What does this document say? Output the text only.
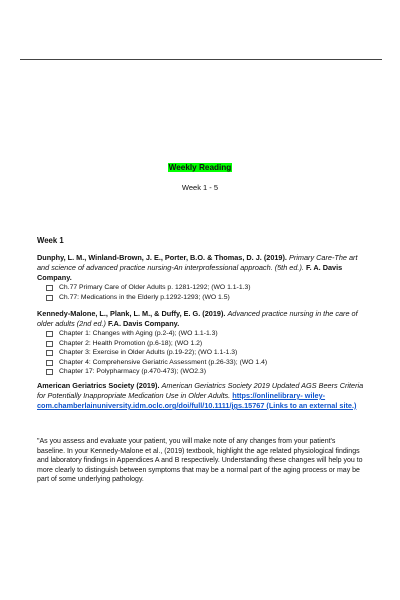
Weekly Reading
Week 1 - 5
Week 1
Dunphy, L. M., Winland-Brown, J. E., Porter, B.O. & Thomas, D. J. (2019). Primary Care-The art and science of advanced practice nursing-An interprofessional approach. (5th ed.). F. A. Davis Company.
Ch.77 Primary Care of Older Adults p. 1281-1292; (WO 1.1-1.3)
Ch.77: Medications in the Elderly p.1292-1293; (WO 1.5)
Kennedy-Malone, L., Plank, L. M., & Duffy, E. G. (2019). Advanced practice nursing in the care of older adults (2nd ed.) F.A. Davis Company.
Chapter 1: Changes with Aging (p.2-4); (WO 1.1-1.3)
Chapter 2: Health Promotion (p.6-18); (WO 1.2)
Chapter 3: Exercise in Older Adults (p.19-22); (WO 1.1-1.3)
Chapter 4: Comprehensive Geriatric Assessment (p.26-33); (WO 1.4)
Chapter 17: Polypharmacy (p.470-473); (WO2.3)
American Geriatrics Society (2019). American Geriatrics Society 2019 Updated AGS Beers Criteria for Potentially Inappropriate Medication Use in Older Adults. https://onlinelibrary- wiley-com.chamberlainuniversity.idm.oclc.org/doi/full/10.1111/jgs.15767 (Links to an external site.)
"As you assess and evaluate your patient, you will make note of any changes from your patient's baseline. In your Kennedy-Malone et al., (2019) textbook, highlight the age related physiological findings and laboratory findings in Appendices A and B respectively. Understanding these changes will help you to more clearly to distinguish between symptoms that may be a normal part of the aging process or may be part of some underlying pathology.
